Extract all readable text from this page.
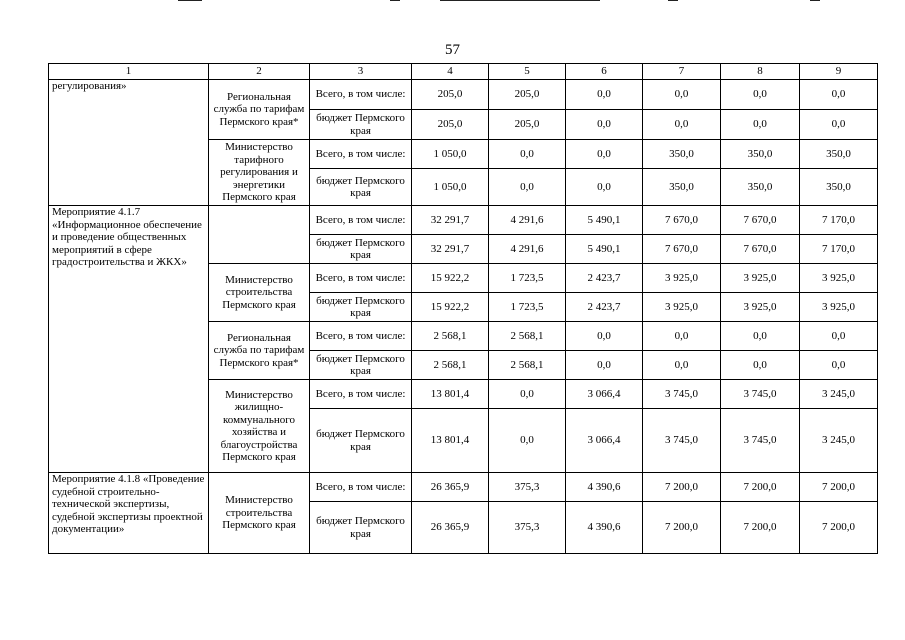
57
1	2	3	4	5	6	7	8	9
регулирования»	Региональная служба по тарифам Пермского края*	Всего, в том числе:	205,0	205,0	0,0	0,0	0,0	0,0
		бюджет Пермского края	205,0	205,0	0,0	0,0	0,0	0,0
	Министерство тарифного регулирования и энергетики Пермского края	Всего, в том числе:	1 050,0	0,0	0,0	350,0	350,0	350,0
		бюджет Пермского края	1 050,0	0,0	0,0	350,0	350,0	350,0
Мероприятие 4.1.7 «Информационное обеспечение и проведение общественных мероприятий в сфере градостроительства и ЖКХ»		Всего, в том числе:	32 291,7	4 291,6	5 490,1	7 670,0	7 670,0	7 170,0
		бюджет Пермского края	32 291,7	4 291,6	5 490,1	7 670,0	7 670,0	7 170,0
	Министерство строительства Пермского края	Всего, в том числе:	15 922,2	1 723,5	2 423,7	3 925,0	3 925,0	3 925,0
		бюджет Пермского края	15 922,2	1 723,5	2 423,7	3 925,0	3 925,0	3 925,0
	Региональная служба по тарифам Пермского края*	Всего, в том числе:	2 568,1	2 568,1	0,0	0,0	0,0	0,0
		бюджет Пермского края	2 568,1	2 568,1	0,0	0,0	0,0	0,0
	Министерство жилищно-коммунального хозяйства и благоустройства Пермского края	Всего, в том числе:	13 801,4	0,0	3 066,4	3 745,0	3 745,0	3 245,0
		бюджет Пермского края	13 801,4	0,0	3 066,4	3 745,0	3 745,0	3 245,0
Мероприятие 4.1.8 «Проведение судебной строительно-технической экспертизы, судебной экспертизы проектной документации»	Министерство строительства Пермского края	Всего, в том числе:	26 365,9	375,3	4 390,6	7 200,0	7 200,0	7 200,0
		бюджет Пермского края	26 365,9	375,3	4 390,6	7 200,0	7 200,0	7 200,0
